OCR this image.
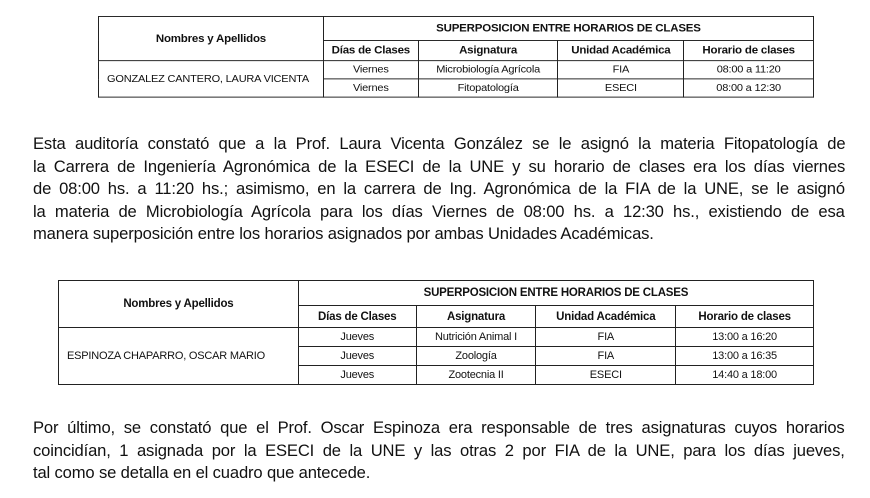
Nombres y Apellidos	SUPERPOSICION ENTRE HORARIOS DE CLASES			
	Días de Clases	Asignatura	Unidad Académica	Horario de clases
GONZALEZ CANTERO, LAURA VICENTA	Viernes	Microbiología Agrícola	FIA	08:00 a 11:20
	Viernes	Fitopatología	ESECI	08:00 a 12:30

Esta auditoría constató que a la Prof. Laura Vicenta González se le asignó la materia Fitopatología de
la Carrera de Ingeniería Agronómica de la ESECI de la UNE y su horario de clases era los días viernes
de 08:00 hs. a 11:20 hs.; asimismo, en la carrera de Ing. Agronómica de la FIA de la UNE, se le asignó
la materia de Microbiología Agrícola para los días Viernes de 08:00 hs. a 12:30 hs., existiendo de esa
manera superposición entre los horarios asignados por ambas Unidades Académicas.

Nombres y Apellidos	SUPERPOSICION ENTRE HORARIOS DE CLASES			
	Días de Clases	Asignatura	Unidad Académica	Horario de clases
ESPINOZA CHAPARRO, OSCAR MARIO	Jueves	Nutrición Animal I	FIA	13:00 a 16:20
	Jueves	Zoología	FIA	13:00 a 16:35
	Jueves	Zootecnia II	ESECI	14:40 a 18:00

Por último, se constató que el Prof. Oscar Espinoza era responsable de tres asignaturas cuyos horarios
coincidían, 1 asignada por la ESECI de la UNE y las otras 2 por FIA de la UNE, para los días jueves,
tal como se detalla en el cuadro que antecede.
